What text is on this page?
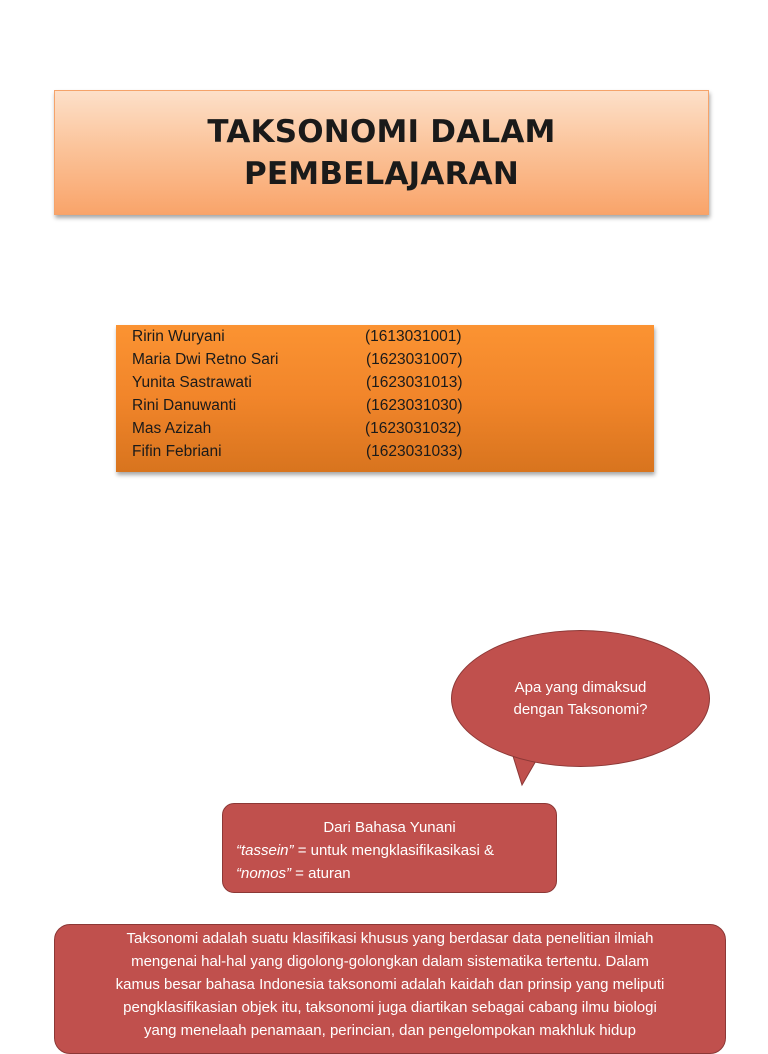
TAKSONOMI DALAM
PEMBELAJARAN
Ririn Wuryani	(1613031001)
Maria Dwi Retno Sari	(1623031007)
Yunita Sastrawati	(1623031013)
Rini Danuwanti	(1623031030)
Mas Azizah	(1623031032)
Fifin Febriani	(1623031033)
Apa yang dimaksud
dengan Taksonomi?
Dari Bahasa Yunani
“tassein” = untuk mengklasifikasikasi &
“nomos” = aturan
Taksonomi adalah suatu klasifikasi khusus yang berdasar data penelitian ilmiah
mengenai hal-hal yang digolong-golongkan dalam sistematika tertentu. Dalam
kamus besar bahasa Indonesia taksonomi adalah kaidah dan prinsip yang meliputi
pengklasifikasian objek itu, taksonomi juga diartikan sebagai cabang ilmu biologi
yang menelaah penamaan, perincian, dan pengelompokan makhluk hidup
